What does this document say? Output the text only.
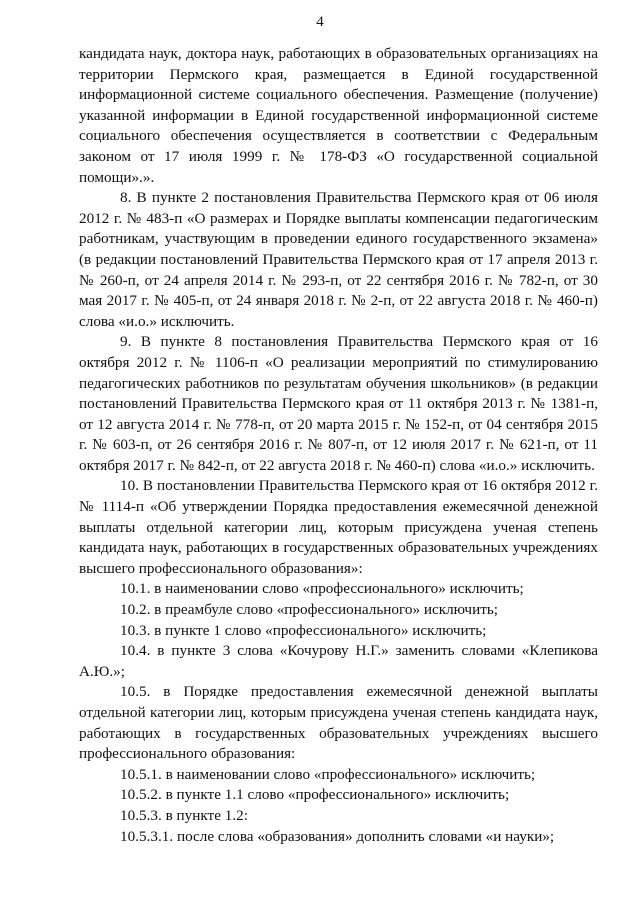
4

кандидата наук, доктора наук, работающих в образовательных организациях на территории Пермского края, размещается в Единой государственной информационной системе социального обеспечения. Размещение (получение) указанной информации в Единой государственной информационной системе социального обеспечения осуществляется в соответствии с Федеральным законом от 17 июля 1999 г. № 178-ФЗ «О государственной социальной помощи».».

8. В пункте 2 постановления Правительства Пермского края от 06 июля 2012 г. № 483-п «О размерах и Порядке выплаты компенсации педагогическим работникам, участвующим в проведении единого государственного экзамена» (в редакции постановлений Правительства Пермского края от 17 апреля 2013 г. № 260-п, от 24 апреля 2014 г. № 293-п, от 22 сентября 2016 г. № 782-п, от 30 мая 2017 г. № 405-п, от 24 января 2018 г. № 2-п, от 22 августа 2018 г. № 460-п) слова «и.о.» исключить.

9. В пункте 8 постановления Правительства Пермского края от 16 октября 2012 г. № 1106-п «О реализации мероприятий по стимулированию педагогических работников по результатам обучения школьников» (в редакции постановлений Правительства Пермского края от 11 октября 2013 г. № 1381-п, от 12 августа 2014 г. № 778-п, от 20 марта 2015 г. № 152-п, от 04 сентября 2015 г. № 603-п, от 26 сентября 2016 г. № 807-п, от 12 июля 2017 г. № 621-п, от 11 октября 2017 г. № 842-п, от 22 августа 2018 г. № 460-п) слова «и.о.» исключить.

10. В постановлении Правительства Пермского края от 16 октября 2012 г. № 1114-п «Об утверждении Порядка предоставления ежемесячной денежной выплаты отдельной категории лиц, которым присуждена ученая степень кандидата наук, работающих в государственных образовательных учреждениях высшего профессионального образования»:

10.1. в наименовании слово «профессионального» исключить;

10.2. в преамбуле слово «профессионального» исключить;

10.3. в пункте 1 слово «профессионального» исключить;

10.4. в пункте 3 слова «Кочурову Н.Г.» заменить словами «Клепикова А.Ю.»;

10.5. в Порядке предоставления ежемесячной денежной выплаты отдельной категории лиц, которым присуждена ученая степень кандидата наук, работающих в государственных образовательных учреждениях высшего профессионального образования:

10.5.1. в наименовании слово «профессионального» исключить;

10.5.2. в пункте 1.1 слово «профессионального» исключить;

10.5.3. в пункте 1.2:

10.5.3.1. после слова «образования» дополнить словами «и науки»;
